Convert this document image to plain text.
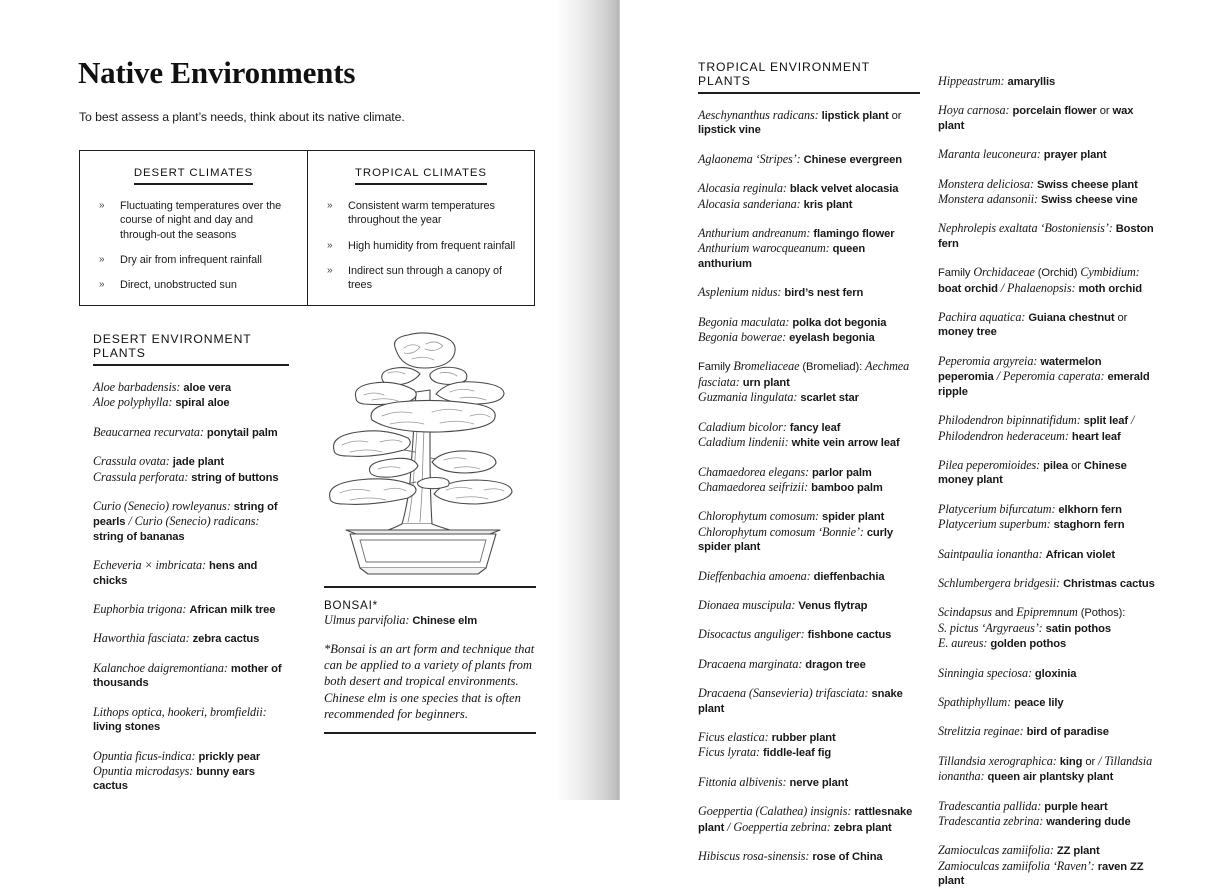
Native Environments
To best assess a plant’s needs, think about its native climate.
DESERT CLIMATES
» Fluctuating temperatures over the course of night and day and through-out the seasons
» Dry air from infrequent rainfall
» Direct, unobstructed sun
TROPICAL CLIMATES
» Consistent warm temperatures throughout the year
» High humidity from frequent rainfall
» Indirect sun through a canopy of trees
DESERT ENVIRONMENT PLANTS
Aloe barbadensis: aloe vera
Aloe polyphylla: spiral aloe
Beaucarnea recurvata: ponytail palm
Crassula ovata: jade plant
Crassula perforata: string of buttons
Curio (Senecio) rowleyanus: string of pearls / Curio (Senecio) radicans: string of bananas
Echeveria × imbricata: hens and chicks
Euphorbia trigona: African milk tree
Haworthia fasciata: zebra cactus
Kalanchoe daigremontiana: mother of thousands
Lithops optica, hookeri, bromfieldii: living stones
Opuntia ficus-indica: prickly pear
Opuntia microdasys: bunny ears cactus
BONSAI*
Ulmus parvifolia: Chinese elm
*Bonsai is an art form and technique that can be applied to a variety of plants from both desert and tropical environments. Chinese elm is one species that is often recommended for beginners.
TROPICAL ENVIRONMENT PLANTS
Aeschynanthus radicans: lipstick plant or lipstick vine
Aglaonema ‘Stripes’: Chinese evergreen
Alocasia reginula: black velvet alocasia
Alocasia sanderiana: kris plant
Anthurium andreanum: flamingo flower
Anthurium warocqueanum: queen anthurium
Asplenium nidus: bird’s nest fern
Begonia maculata: polka dot begonia
Begonia bowerae: eyelash begonia
Family Bromeliaceae (Bromeliad): Aechmea fasciata: urn plant
Guzmania lingulata: scarlet star
Caladium bicolor: fancy leaf
Caladium lindenii: white vein arrow leaf
Chamaedorea elegans: parlor palm
Chamaedorea seifrizii: bamboo palm
Chlorophytum comosum: spider plant
Chlorophytum comosum ‘Bonnie’: curly spider plant
Dieffenbachia amoena: dieffenbachia
Dionaea muscipula: Venus flytrap
Disocactus anguliger: fishbone cactus
Dracaena marginata: dragon tree
Dracaena (Sansevieria) trifasciata: snake plant
Ficus elastica: rubber plant
Ficus lyrata: fiddle-leaf fig
Fittonia albivenis: nerve plant
Goeppertia (Calathea) insignis: rattlesnake plant / Goeppertia zebrina: zebra plant
Hibiscus rosa-sinensis: rose of China
Hippeastrum: amaryllis
Hoya carnosa: porcelain flower or wax plant
Maranta leuconeura: prayer plant
Monstera deliciosa: Swiss cheese plant
Monstera adansonii: Swiss cheese vine
Nephrolepis exaltata ‘Bostoniensis’: Boston fern
Family Orchidaceae (Orchid) Cymbidium: boat orchid / Phalaenopsis: moth orchid
Pachira aquatica: Guiana chestnut or money tree
Peperomia argyreia: watermelon peperomia / Peperomia caperata: emerald ripple
Philodendron bipinnatifidum: split leaf /
Philodendron hederaceum: heart leaf
Pilea peperomioides: pilea or Chinese money plant
Platycerium bifurcatum: elkhorn fern
Platycerium superbum: staghorn fern
Saintpaulia ionantha: African violet
Schlumbergera bridgesii: Christmas cactus
Scindapsus and Epipremnum (Pothos):
S. pictus ‘Argyraeus’: satin pothos
E. aureus: golden pothos
Sinningia speciosa: gloxinia
Spathiphyllum: peace lily
Strelitzia reginae: bird of paradise
Tillandsia xerographica: king or / Tillandsia ionantha: queen air plantsky plant
Tradescantia pallida: purple heart
Tradescantia zebrina: wandering dude
Zamioculcas zamiifolia: ZZ plant
Zamioculcas zamiifolia ‘Raven’: raven ZZ plant
